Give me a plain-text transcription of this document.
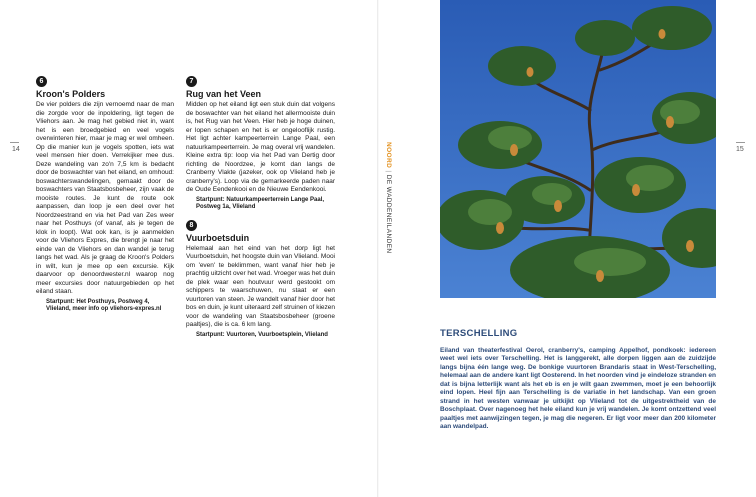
14	15
6
Kroon's Polders

De vier polders die zijn vernoemd naar de man die zorgde voor de inpoldering, ligt tegen de Vliehors aan. Je mag het gebied niet in, want het is een broedgebied en veel vogels overwinteren hier, maar je mag er wel omheen. Op die manier kun je vogels spotten, iets wat veel mensen hier doen. Verrekijker mee dus. Deze wandeling van zo'n 7,5 km is bedacht door de boswachter van het eiland, en omhoud: boswachterswandelingen, gemaakt door de boswachters van Staatsbosbeheer, zijn vaak de mooiste routes. Je kunt de route ook aanpassen, dan loop je een deel over het Noordzeestrand en via het Pad van Zes weer naar het Posthuys (of vanaf, als je tegen de klok in loopt). Wat ook kan, is je aanmelden voor de Vliehors Expres, die brengt je naar het einde van de Vliehors en dan wandel je terug langs het wad. Als je graag de Kroon's Polders in wilt, kun je mee op een excursie. Kijk daarvoor op denoordwester.nl waarop nog meer excursies door natuurgebieden op het eiland staan.

Startpunt: Het Posthuys, Postweg 4, Vlieland, meer info op vliehors-expres.nl

7
Rug van het Veen

Midden op het eiland ligt een stuk duin dat volgens de boswachter van het eiland het allermooiste duin is, het Rug van het Veen. Hier heb je hoge duinen, er lopen schapen en het is er ongelooflijk rustig. Het ligt achter kampeerterrein Lange Paal, een natuurkampeerterrein. Je mag overal vrij wandelen. Kleine extra tip: loop via het Pad van Dertig door richting de Noordzee, je komt dan langs de Cranberry Vlakte (jazeker, ook op Vlieland heb je cranberry's). Loop via de gemarkeerde paden naar de Oude Eendenkooi en de Nieuwe Eendenkooi.

Startpunt: Natuurkampeerterrein Lange Paal, Postweg 1a, Vlieland

8
Vuurboetsduin

Helemaal aan het eind van het dorp ligt het Vuurboetsduin, het hoogste duin van Vlieland. Mooi om 'even' te beklimmen, want vanaf hier heb je prachtig uitzicht over het wad. Vroeger was het duin de plek waar een houtvuur werd gestookt om schippers te waarschuwen, nu staat er een vuurtoren van steen. Je wandelt vanaf hier door het bos en duin, je kunt uiteraard zelf struinen of kiezen voor de wandeling van Staatsbosbeheer (groene paaltjes), die is ca. 6 km lang.

Startpunt: Vuurtoren, Vuurboetsplein, Vlieland

NOORD | DE WADDENEILANDEN
TERSCHELLING

Eiland van theaterfestival Oerol, cranberry's, camping Appelhof, pondkoek: iedereen weet wel iets over Terschelling. Het is langgerekt, alle dorpen liggen aan de zuidzijde langs bijna één lange weg. De bonkige vuurtoren Brandaris staat in West-Terschelling, helemaal aan de andere kant ligt Oosterend. In het noorden vind je eindeloze stranden en dat is bijna letterlijk want als het eb is en je wilt gaan zwemmen, moet je een behoorlijk eind lopen. Heel fijn aan Terschelling is de variatie in het landschap. Van een groen strand in het westen vanwaar je uitkijkt op Vlieland tot de uitgestrektheid van de Boschplaat. Over nagenoeg het hele eiland kun je vrij wandelen. Je komt ontzettend veel paaltjes met aanwijzingen tegen, je mag die negeren. Er ligt voor meer dan 200 kilometer aan wandelpad.
